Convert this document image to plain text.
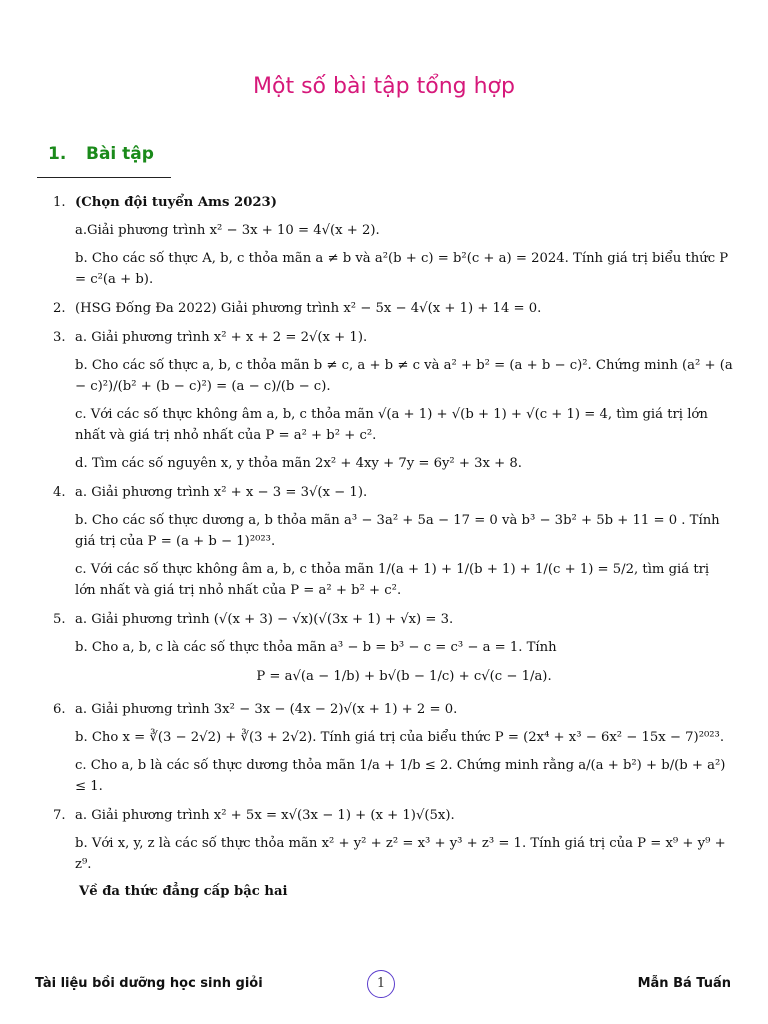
Một số bài tập tổng hợp
1. Bài tập
1. (Chọn đội tuyển Ams 2023)
a.Giải phương trình x² − 3x + 10 = 4√(x + 2).
b. Cho các số thực A, b, c thỏa mãn a ≠ b và a²(b + c) = b²(c + a) = 2024. Tính giá trị biểu thức P = c²(a + b).
2. (HSG Đống Đa 2022) Giải phương trình x² − 5x − 4√(x + 1) + 14 = 0.
3. a. Giải phương trình x² + x + 2 = 2√(x + 1).
b. Cho các số thực a, b, c thỏa mãn b ≠ c, a + b ≠ c và a² + b² = (a + b − c)². Chứng minh (a² + (a − c)²)/(b² + (b − c)²) = (a − c)/(b − c).
c. Với các số thực không âm a, b, c thỏa mãn √(a + 1) + √(b + 1) + √(c + 1) = 4, tìm giá trị lớn nhất và giá trị nhỏ nhất của P = a² + b² + c².
d. Tìm các số nguyên x, y thỏa mãn 2x² + 4xy + 7y = 6y² + 3x + 8.
4. a. Giải phương trình x² + x − 3 = 3√(x − 1).
b. Cho các số thực dương a, b thỏa mãn a³ − 3a² + 5a − 17 = 0 và b³ − 3b² + 5b + 11 = 0 . Tính giá trị của P = (a + b − 1)²⁰²³.
c. Với các số thực không âm a, b, c thỏa mãn 1/(a + 1) + 1/(b + 1) + 1/(c + 1) = 5/2, tìm giá trị lớn nhất và giá trị nhỏ nhất của P = a² + b² + c².
5. a. Giải phương trình (√(x + 3) − √x)(√(3x + 1) + √x) = 3.
b. Cho a, b, c là các số thực thỏa mãn a³ − b = b³ − c = c³ − a = 1. Tính
P = a√(a − 1/b) + b√(b − 1/c) + c√(c − 1/a).
6. a. Giải phương trình 3x² − 3x − (4x − 2)√(x + 1) + 2 = 0.
b. Cho x = ∛(3 − 2√2) + ∛(3 + 2√2). Tính giá trị của biểu thức P = (2x⁴ + x³ − 6x² − 15x − 7)²⁰²³.
c. Cho a, b là các số thực dương thỏa mãn 1/a + 1/b ≤ 2. Chứng minh rằng a/(a + b²) + b/(b + a²) ≤ 1.
7. a. Giải phương trình x² + 5x = x√(3x − 1) + (x + 1)√(5x).
b. Với x, y, z là các số thực thỏa mãn x² + y² + z² = x³ + y³ + z³ = 1. Tính giá trị của P = x⁹ + y⁹ + z⁹.
Về đa thức đẳng cấp bậc hai
Tài liệu bồi dưỡng học sinh giỏi	1	Mẫn Bá Tuấn
